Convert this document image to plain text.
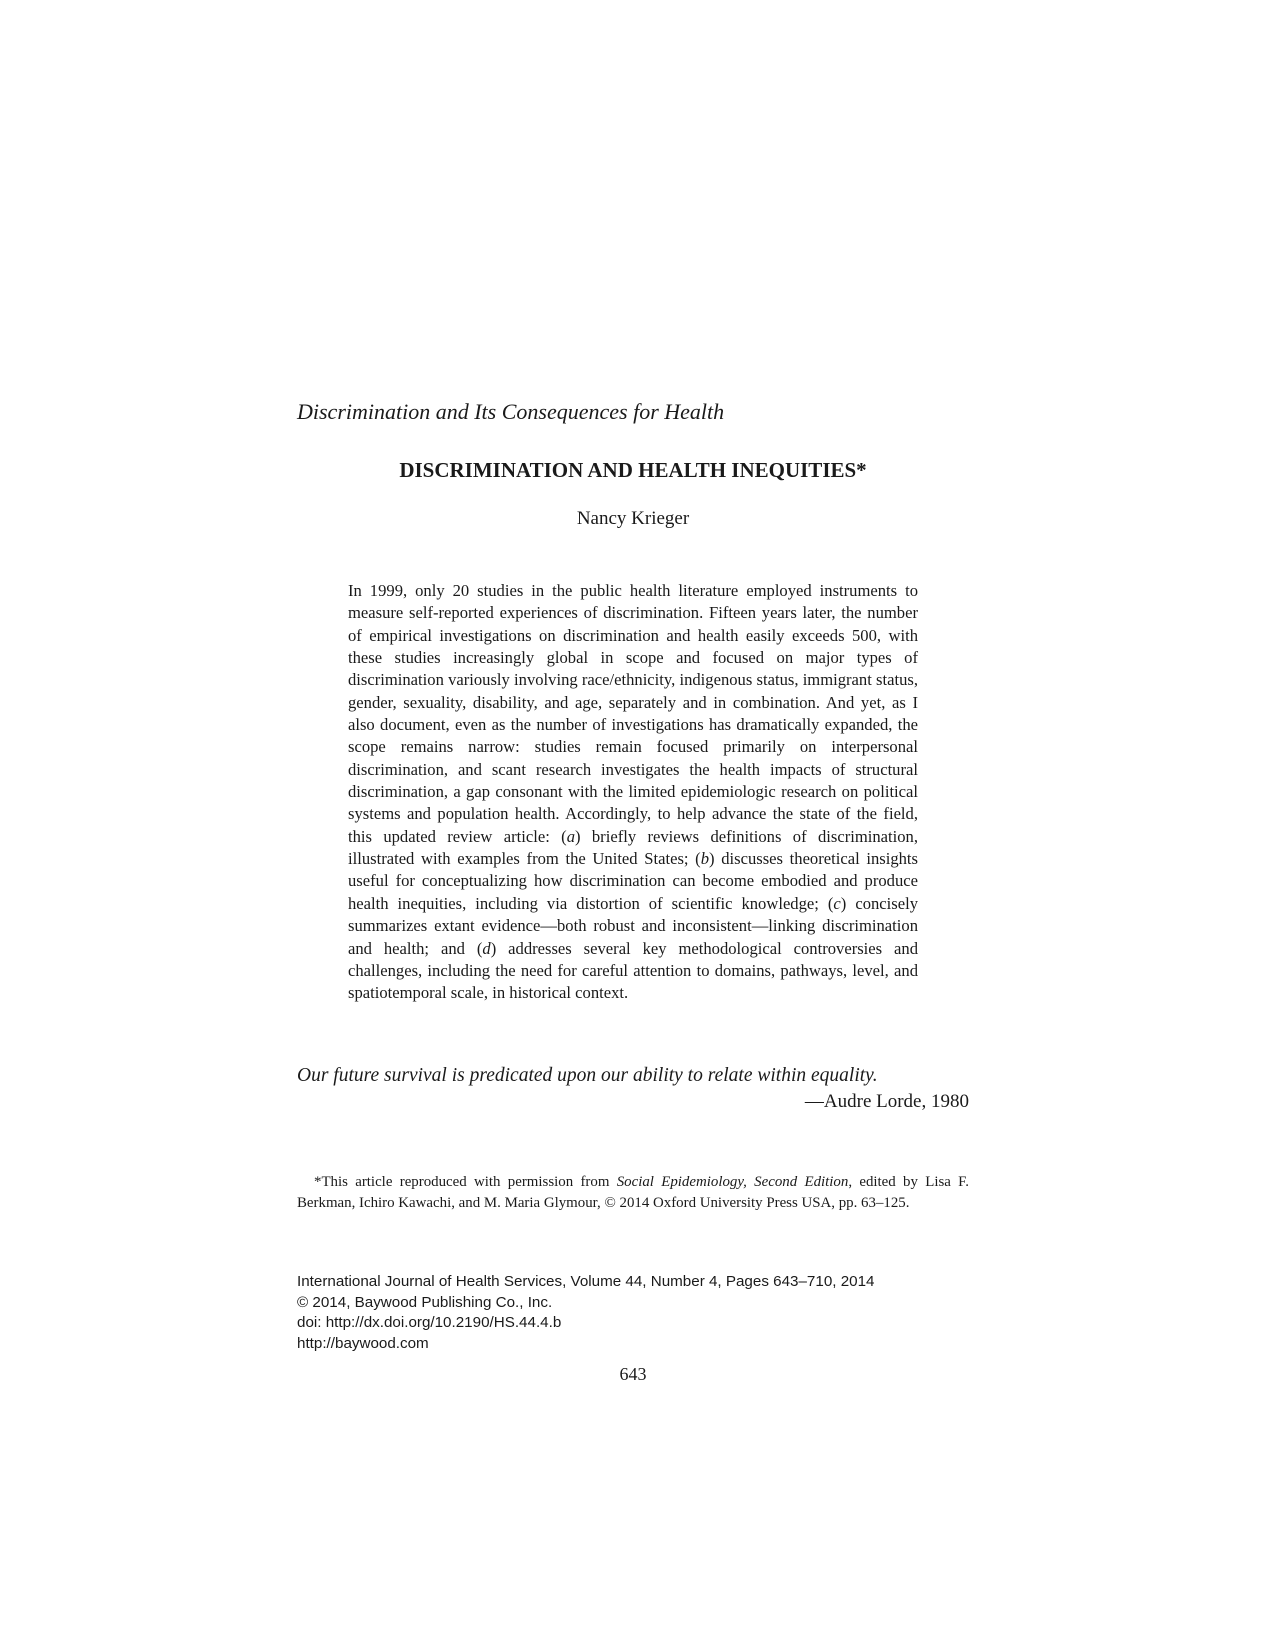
Discrimination and Its Consequences for Health
DISCRIMINATION AND HEALTH INEQUITIES*

Nancy Krieger

In 1999, only 20 studies in the public health literature employed instruments to measure self-reported experiences of discrimination. Fifteen years later, the number of empirical investigations on discrimination and health easily exceeds 500, with these studies increasingly global in scope and focused on major types of discrimination variously involving race/ethnicity, indigenous status, immigrant status, gender, sexuality, disability, and age, separately and in combination. And yet, as I also document, even as the number of investigations has dramatically expanded, the scope remains narrow: studies remain focused primarily on interpersonal discrimination, and scant research investigates the health impacts of structural discrimination, a gap consonant with the limited epidemiologic research on political systems and population health. Accordingly, to help advance the state of the field, this updated review article: (a) briefly reviews definitions of discrimination, illustrated with examples from the United States; (b) discusses theoretical insights useful for conceptualizing how discrimination can become embodied and produce health inequities, including via distortion of scientific knowledge; (c) concisely summarizes extant evidence—both robust and inconsistent—linking discrimination and health; and (d) addresses several key methodological controversies and challenges, including the need for careful attention to domains, pathways, level, and spatiotemporal scale, in historical context.

Our future survival is predicated upon our ability to relate within equality.
—Audre Lorde, 1980

*This article reproduced with permission from Social Epidemiology, Second Edition, edited by Lisa F. Berkman, Ichiro Kawachi, and M. Maria Glymour, © 2014 Oxford University Press USA, pp. 63–125.

International Journal of Health Services, Volume 44, Number 4, Pages 643–710, 2014
© 2014, Baywood Publishing Co., Inc.
doi: http://dx.doi.org/10.2190/HS.44.4.b
http://baywood.com

643
